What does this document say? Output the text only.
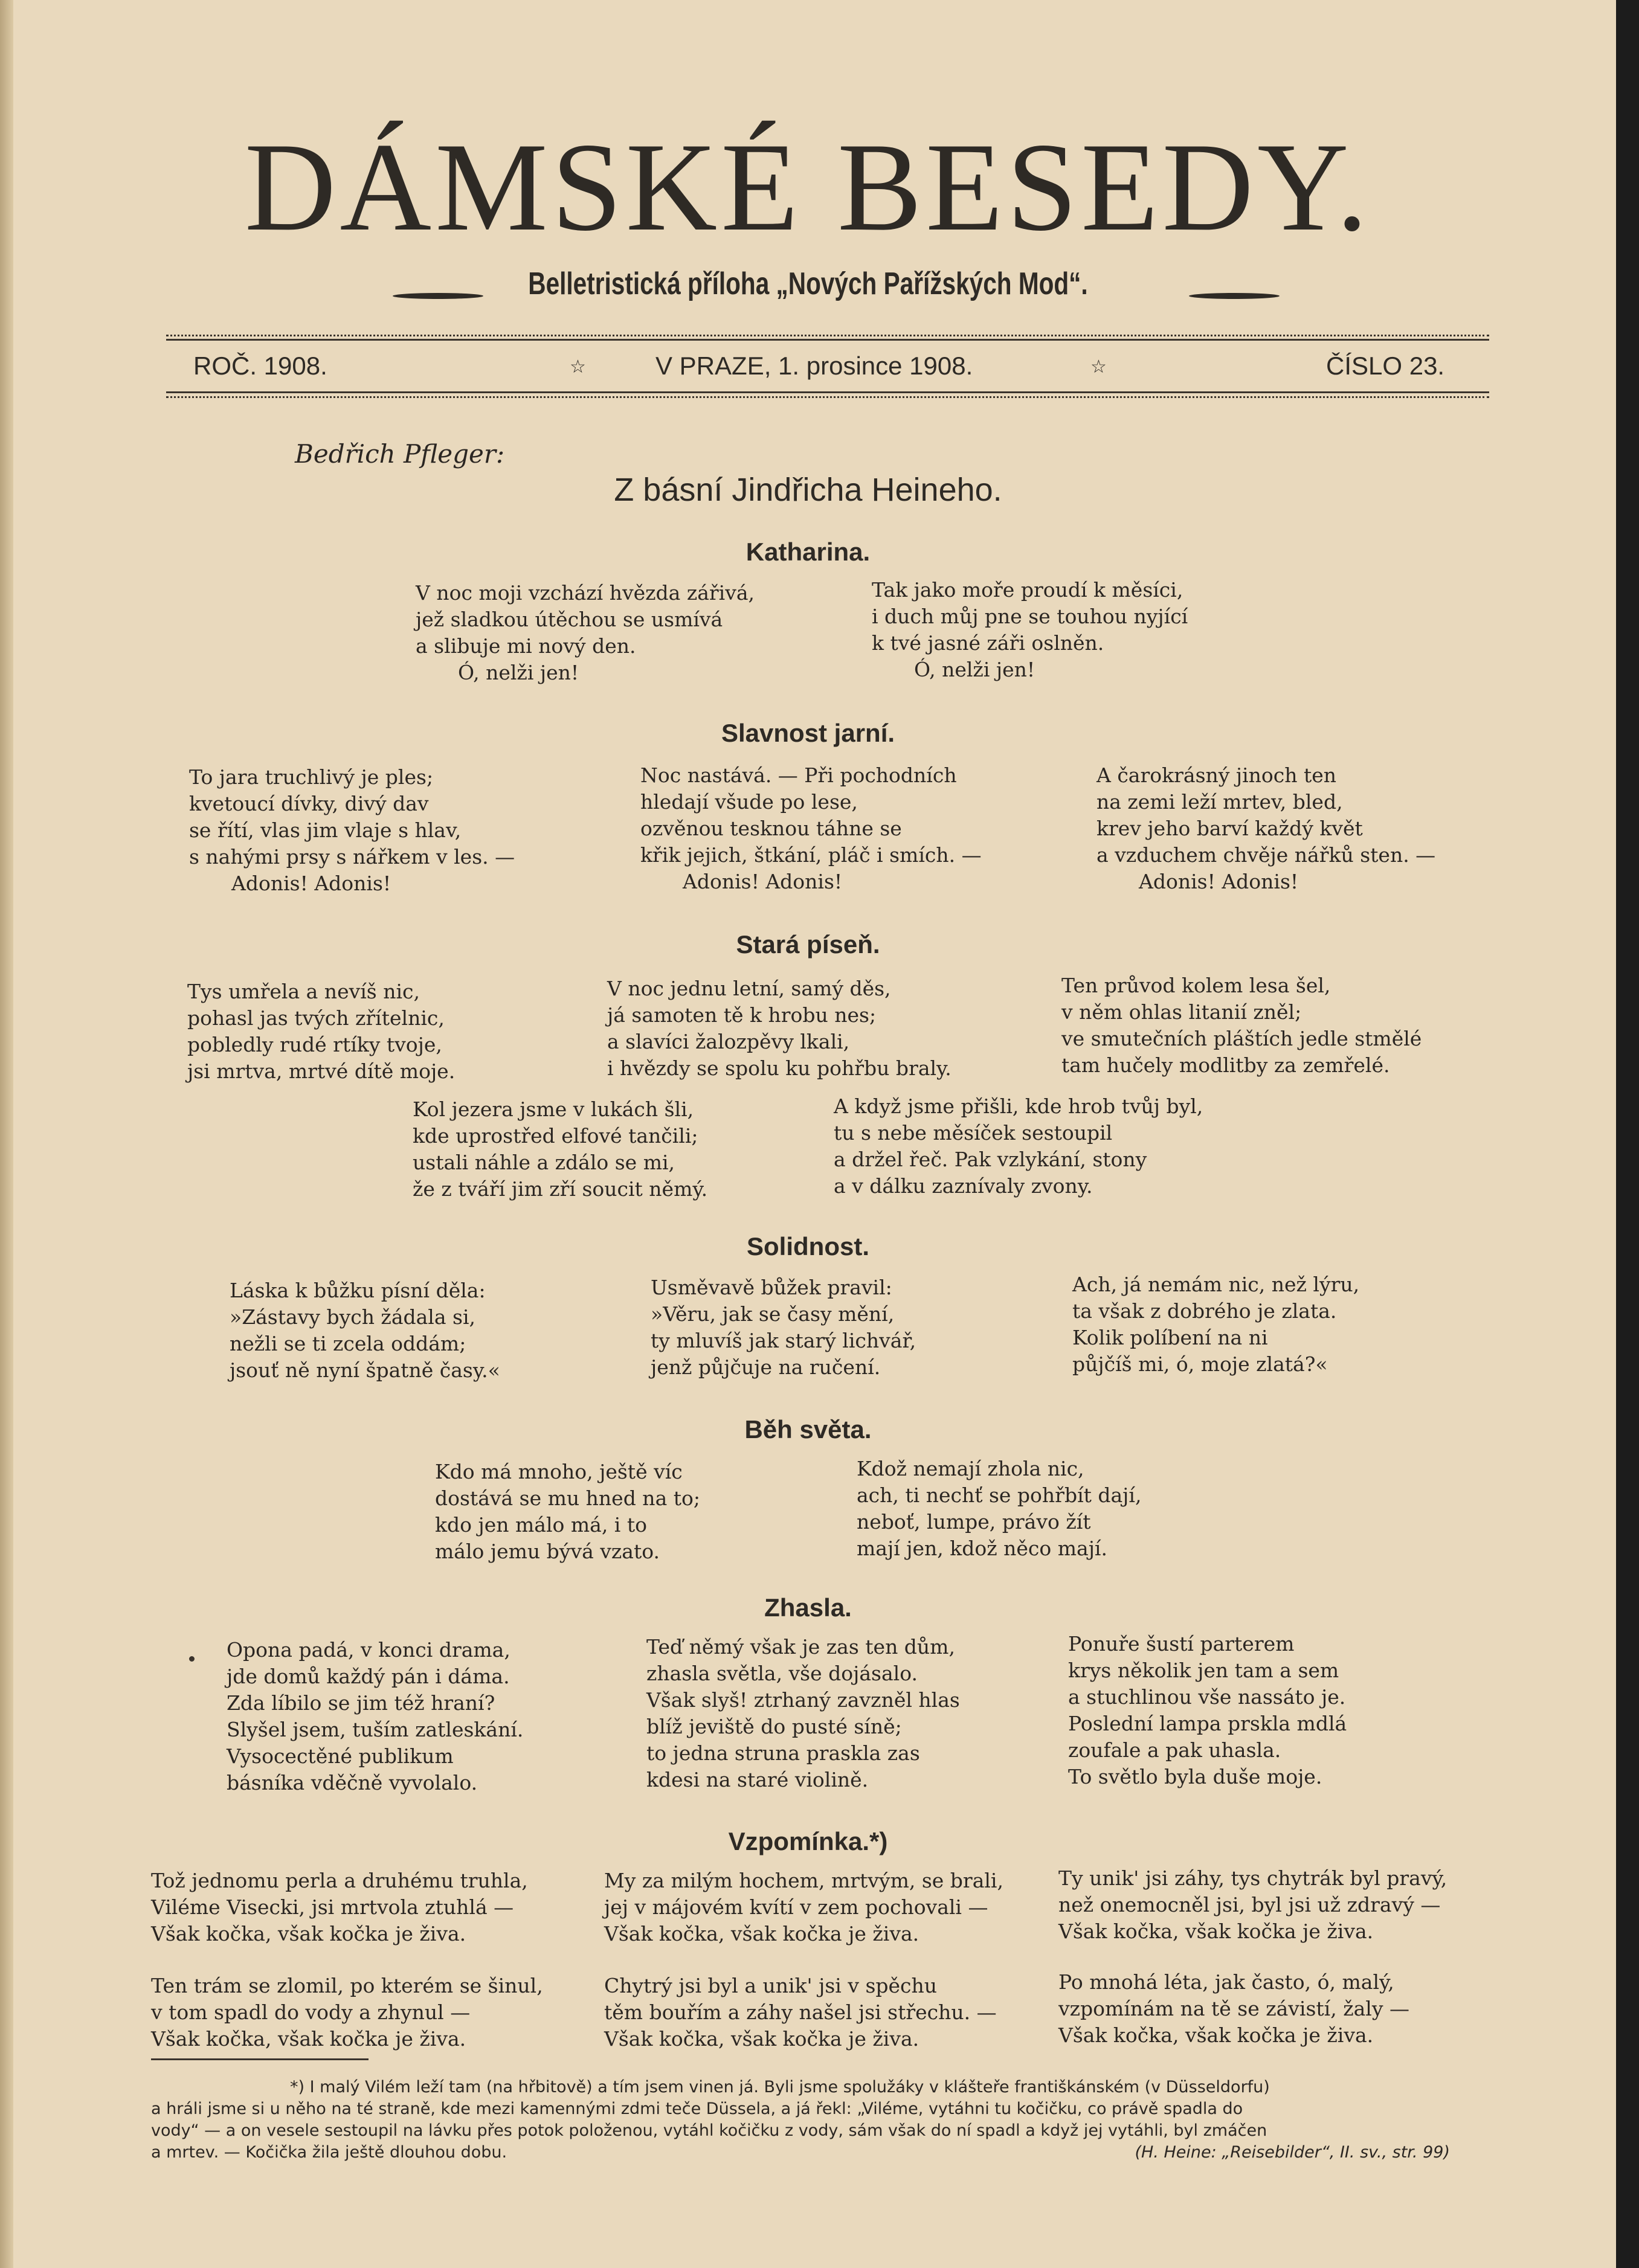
DÁMSKÉ BESEDY.
Belletristická příloha „Nových Pařížských Mod“.
ROČ. 1908.	☆	V PRAZE, 1. prosince 1908.	☆	ČÍSLO 23.
Bedřich Pfleger:
Z básní Jindřicha Heineho.
Katharina.
V noc moji vzchází hvězda zářivá,
jež sladkou útěchou se usmívá
a slibuje mi nový den.
Ó, nelži jen!
Tak jako moře proudí k měsíci,
i duch můj pne se touhou nyjící
k tvé jasné záři oslněn.
Ó, nelži jen!
Slavnost jarní.
To jara truchlivý je ples;
kvetoucí dívky, divý dav
se řítí, vlas jim vlaje s hlav,
s nahými prsy s nářkem v les. —
Adonis! Adonis!
Noc nastává. — Při pochodních
hledají všude po lese,
ozvěnou tesknou táhne se
křik jejich, štkání, pláč i smích. —
Adonis! Adonis!
A čarokrásný jinoch ten
na zemi leží mrtev, bled,
krev jeho barví každý květ
a vzduchem chvěje nářků sten. —
Adonis! Adonis!
Stará píseň.
Tys umřela a nevíš nic,
pohasl jas tvých zřítelnic,
pobledly rudé rtíky tvoje,
jsi mrtva, mrtvé dítě moje.
V noc jednu letní, samý děs,
já samoten tě k hrobu nes;
a slavíci žalozpěvy lkali,
i hvězdy se spolu ku pohřbu braly.
Ten průvod kolem lesa šel,
v něm ohlas litanií zněl;
ve smutečních pláštích jedle stmělé
tam hučely modlitby za zemřelé.
Kol jezera jsme v lukách šli,
kde uprostřed elfové tančili;
ustali náhle a zdálo se mi,
že z tváří jim zří soucit němý.
A když jsme přišli, kde hrob tvůj byl,
tu s nebe měsíček sestoupil
a držel řeč. Pak vzlykání, stony
a v dálku zaznívaly zvony.
Solidnost.
Láska k bůžku písní děla:
»Zástavy bych žádala si,
nežli se ti zcela oddám;
jsouť ně nyní špatně časy.«
Usměvavě bůžek pravil:
»Věru, jak se časy mění,
ty mluvíš jak starý lichvář,
jenž půjčuje na ručení.
Ach, já nemám nic, než lýru,
ta však z dobrého je zlata.
Kolik políbení na ni
půjčíš mi, ó, moje zlatá?«
Běh světa.
Kdo má mnoho, ještě víc
dostává se mu hned na to;
kdo jen málo má, i to
málo jemu bývá vzato.
Kdož nemají zhola nic,
ach, ti nechť se pohřbít dají,
neboť, lumpe, právo žít
mají jen, kdož něco mají.
Zhasla.
Opona padá, v konci drama,
jde domů každý pán i dáma.
Zda líbilo se jim též hraní?
Slyšel jsem, tuším zatleskání.
Vysocectěné publikum
básníka vděčně vyvolalo.
Teď němý však je zas ten dům,
zhasla světla, vše dojásalo.
Však slyš! ztrhaný zavzněl hlas
blíž jeviště do pusté síně;
to jedna struna praskla zas
kdesi na staré violině.
Ponuře šustí parterem
krys několik jen tam a sem
a stuchlinou vše nassáto je.
Poslední lampa prskla mdlá
zoufale a pak uhasla.
To světlo byla duše moje.
Vzpomínka.*)
Tož jednomu perla a druhému truhla,
Viléme Visecki, jsi mrtvola ztuhlá —
Však kočka, však kočka je živa.
My za milým hochem, mrtvým, se brali,
jej v májovém kvítí v zem pochovali —
Však kočka, však kočka je živa.
Ty unik' jsi záhy, tys chytrák byl pravý,
než onemocněl jsi, byl jsi už zdravý —
Však kočka, však kočka je živa.
Ten trám se zlomil, po kterém se šinul,
v tom spadl do vody a zhynul —
Však kočka, však kočka je živa.
Chytrý jsi byl a unik' jsi v spěchu
těm bouřím a záhy našel jsi střechu. —
Však kočka, však kočka je živa.
Po mnohá léta, jak často, ó, malý,
vzpomínám na tě se závistí, žaly —
Však kočka, však kočka je živa.
*) I malý Vilém leží tam (na hřbitově) a tím jsem vinen já. Byli jsme spolužáky v klášteře františkánském (v Düsseldorfu)
a hráli jsme si u něho na té straně, kde mezi kamennými zdmi teče Düssela, a já řekl: „Viléme, vytáhni tu kočičku, co právě spadla do
vody“ — a on vesele sestoupil na lávku přes potok položenou, vytáhl kočičku z vody, sám však do ní spadl a když jej vytáhli, byl zmáčen
a mrtev. — Kočička žila ještě dlouhou dobu.	(H. Heine: „Reisebilder“, II. sv., str. 99)
